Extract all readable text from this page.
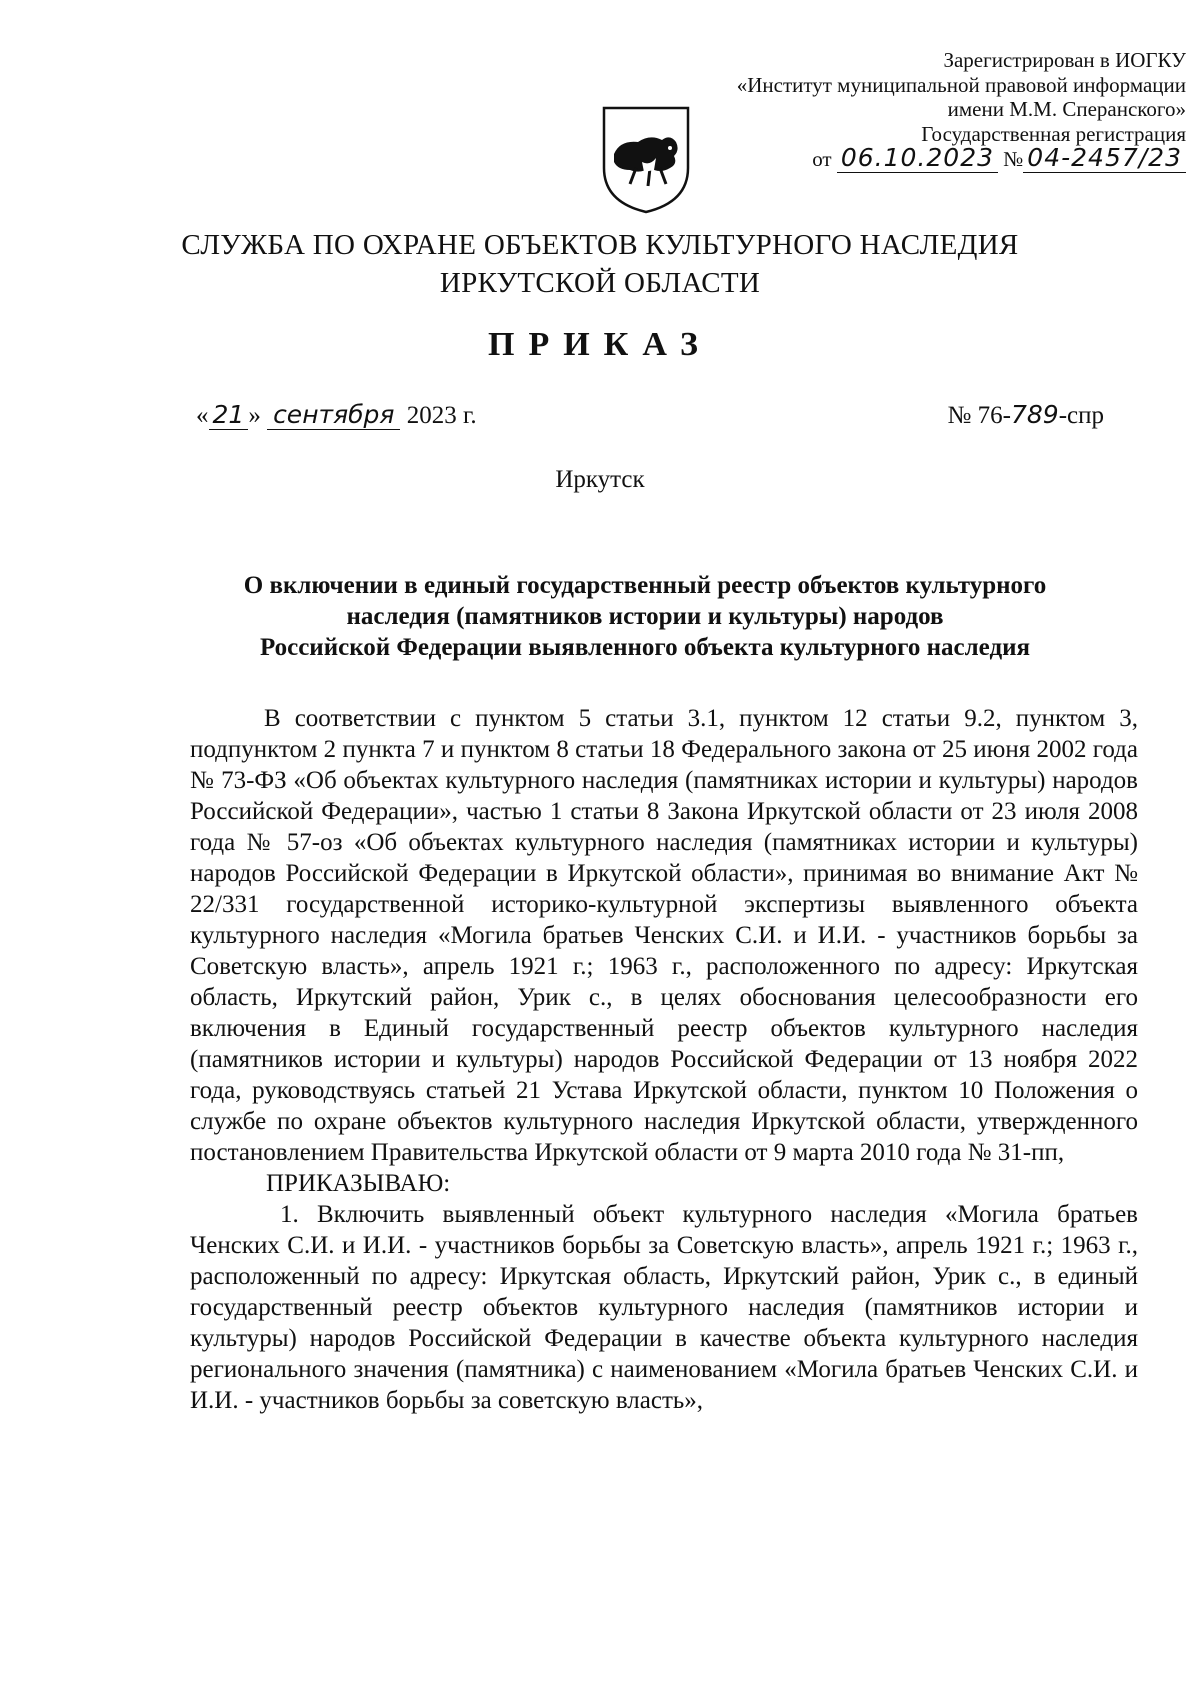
Зарегистрирован в ИОГКУ
«Институт муниципальной правовой информации
имени М.М. Сперанского»
Государственная регистрация
от 06.10.2023 № 04-2457/23
СЛУЖБА ПО ОХРАНЕ ОБЪЕКТОВ КУЛЬТУРНОГО НАСЛЕДИЯ
ИРКУТСКОЙ ОБЛАСТИ
ПРИКАЗ
« 21 » сентября 2023 г.	№ 76-789-спр
Иркутск
О включении в единый государственный реестр объектов культурного
наследия (памятников истории и культуры) народов
Российской Федерации выявленного объекта культурного наследия

В соответствии с пунктом 5 статьи 3.1, пунктом 12 статьи 9.2, пунктом 3, подпунктом 2 пункта 7 и пунктом 8 статьи 18 Федерального закона от 25 июня 2002 года № 73-ФЗ «Об объектах культурного наследия (памятниках истории и культуры) народов Российской Федерации», частью 1 статьи 8 Закона Иркутской области от 23 июля 2008 года № 57-оз «Об объектах культурного наследия (памятниках истории и культуры) народов Российской Федерации в Иркутской области», принимая во внимание Акт № 22/331 государственной историко-культурной экспертизы выявленного объекта культурного наследия «Могила братьев Ченских С.И. и И.И. - участников борьбы за Советскую власть», апрель 1921 г.; 1963 г., расположенного по адресу: Иркутская область, Иркутский район, Урик с., в целях обоснования целесообразности его включения в Единый государственный реестр объектов культурного наследия (памятников истории и культуры) народов Российской Федерации от 13 ноября 2022 года, руководствуясь статьей 21 Устава Иркутской области, пунктом 10 Положения о службе по охране объектов культурного наследия Иркутской области, утвержденного постановлением Правительства Иркутской области от 9 марта 2010 года № 31-пп,

ПРИКАЗЫВАЮ:

1. Включить выявленный объект культурного наследия «Могила братьев Ченских С.И. и И.И. - участников борьбы за Советскую власть», апрель 1921 г.; 1963 г., расположенный по адресу: Иркутская область, Иркутский район, Урик с., в единый государственный реестр объектов культурного наследия (памятников истории и культуры) народов Российской Федерации в качестве объекта культурного наследия регионального значения (памятника) с наименованием «Могила братьев Ченских С.И. и И.И. - участников борьбы за советскую власть»,
